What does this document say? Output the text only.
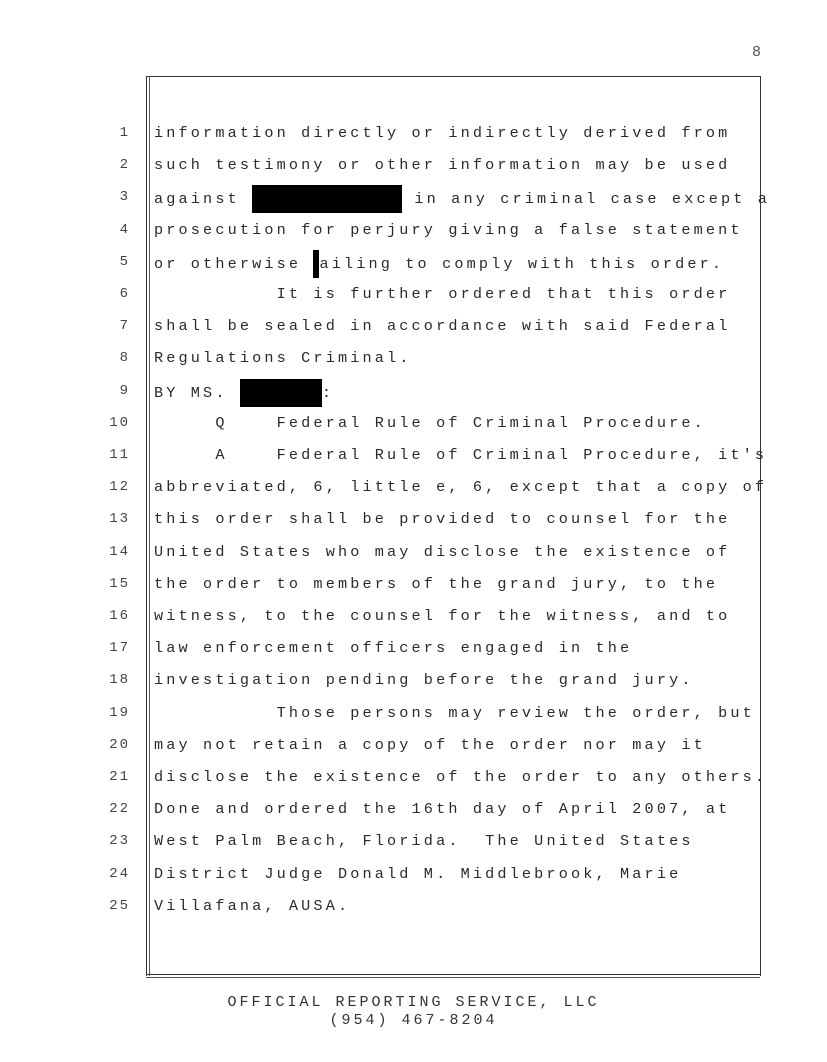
8
1 information directly or indirectly derived from
2 such testimony or other information may be used
3 against	in any criminal case except a
4 prosecution for perjury giving a false statement
5 or otherwise ailing to comply with this order.
6 It is further ordered that this order
7 shall be sealed in accordance with said Federal
8 Regulations Criminal.
9 BY MS.	:
10 Q    Federal Rule of Criminal Procedure.
11 A    Federal Rule of Criminal Procedure, it's
12 abbreviated, 6, little e, 6, except that a copy of
13 this order shall be provided to counsel for the
14 United States who may disclose the existence of
15 the order to members of the grand jury, to the
16 witness, to the counsel for the witness, and to
17 law enforcement officers engaged in the
18 investigation pending before the grand jury.
19 Those persons may review the order, but
20 may not retain a copy of the order nor may it
21 disclose the existence of the order to any others.
22 Done and ordered the 16th day of April 2007, at
23 West Palm Beach, Florida.  The United States
24 District Judge Donald M. Middlebrook, Marie
25 Villafana, AUSA.
OFFICIAL REPORTING SERVICE, LLC
(954) 467-8204
